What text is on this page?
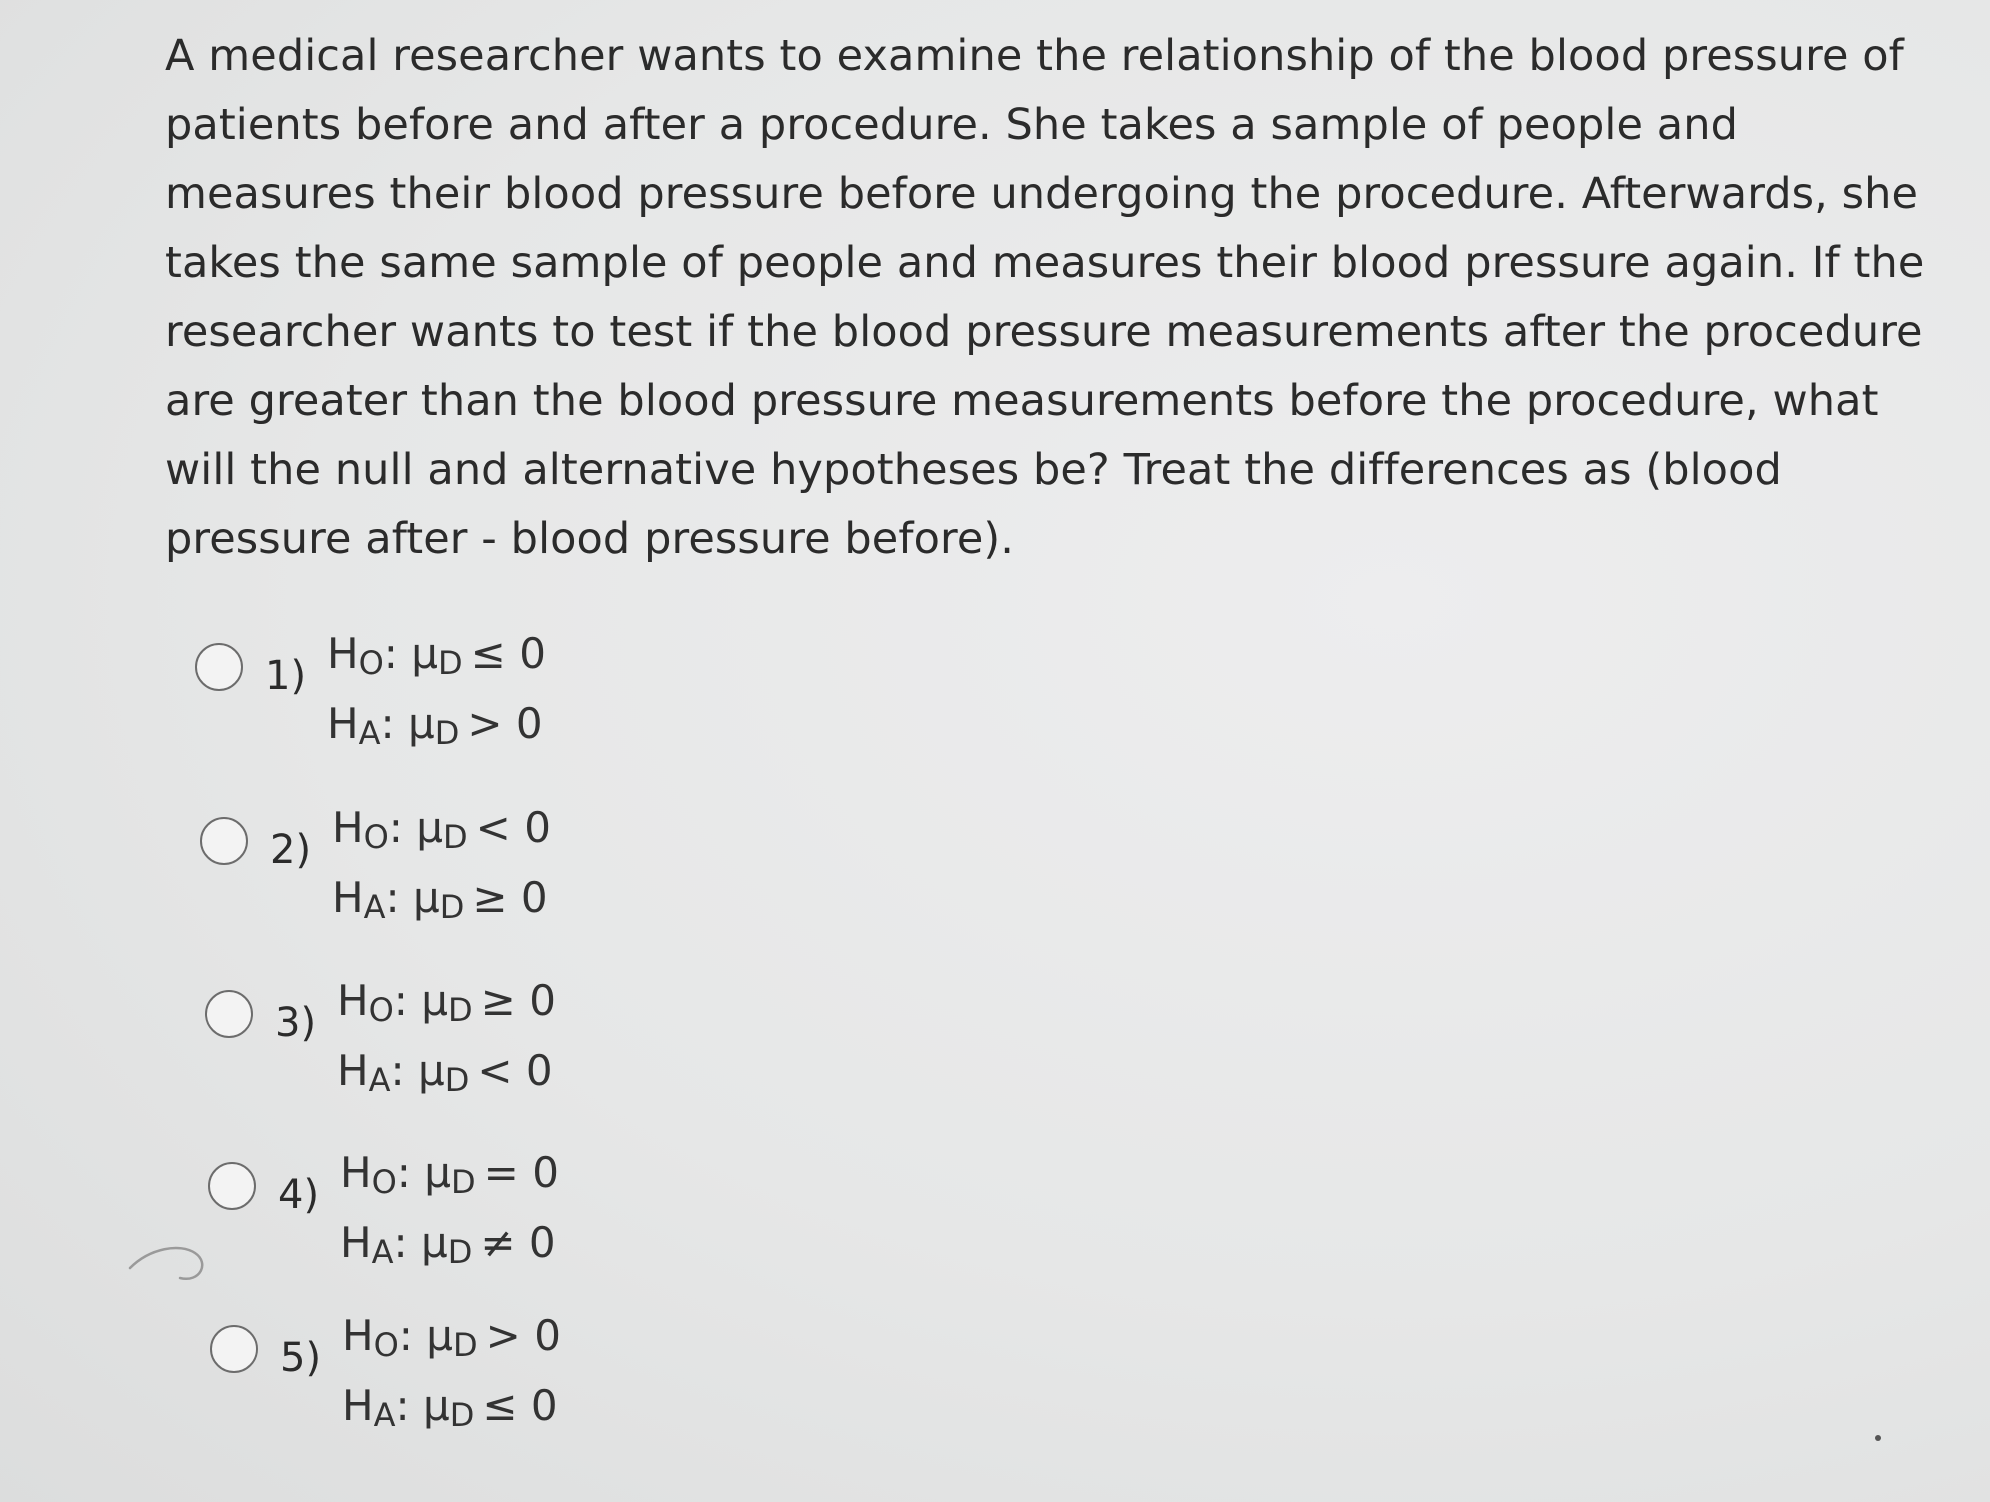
A medical researcher wants to examine the relationship of the blood pressure of patients before and after a procedure. She takes a sample of people and measures their blood pressure before undergoing the procedure. Afterwards, she takes the same sample of people and measures their blood pressure again. If the researcher wants to test if the blood pressure measurements after the procedure are greater than the blood pressure measurements before the procedure, what will the null and alternative hypotheses be? Treat the differences as (blood pressure after - blood pressure before).

1) HO: μD ≤ 0
HA: μD > 0
2) HO: μD < 0
HA: μD ≥ 0
3) HO: μD ≥ 0
HA: μD < 0
4) HO: μD = 0
HA: μD ≠ 0
5) HO: μD > 0
HA: μD ≤ 0
